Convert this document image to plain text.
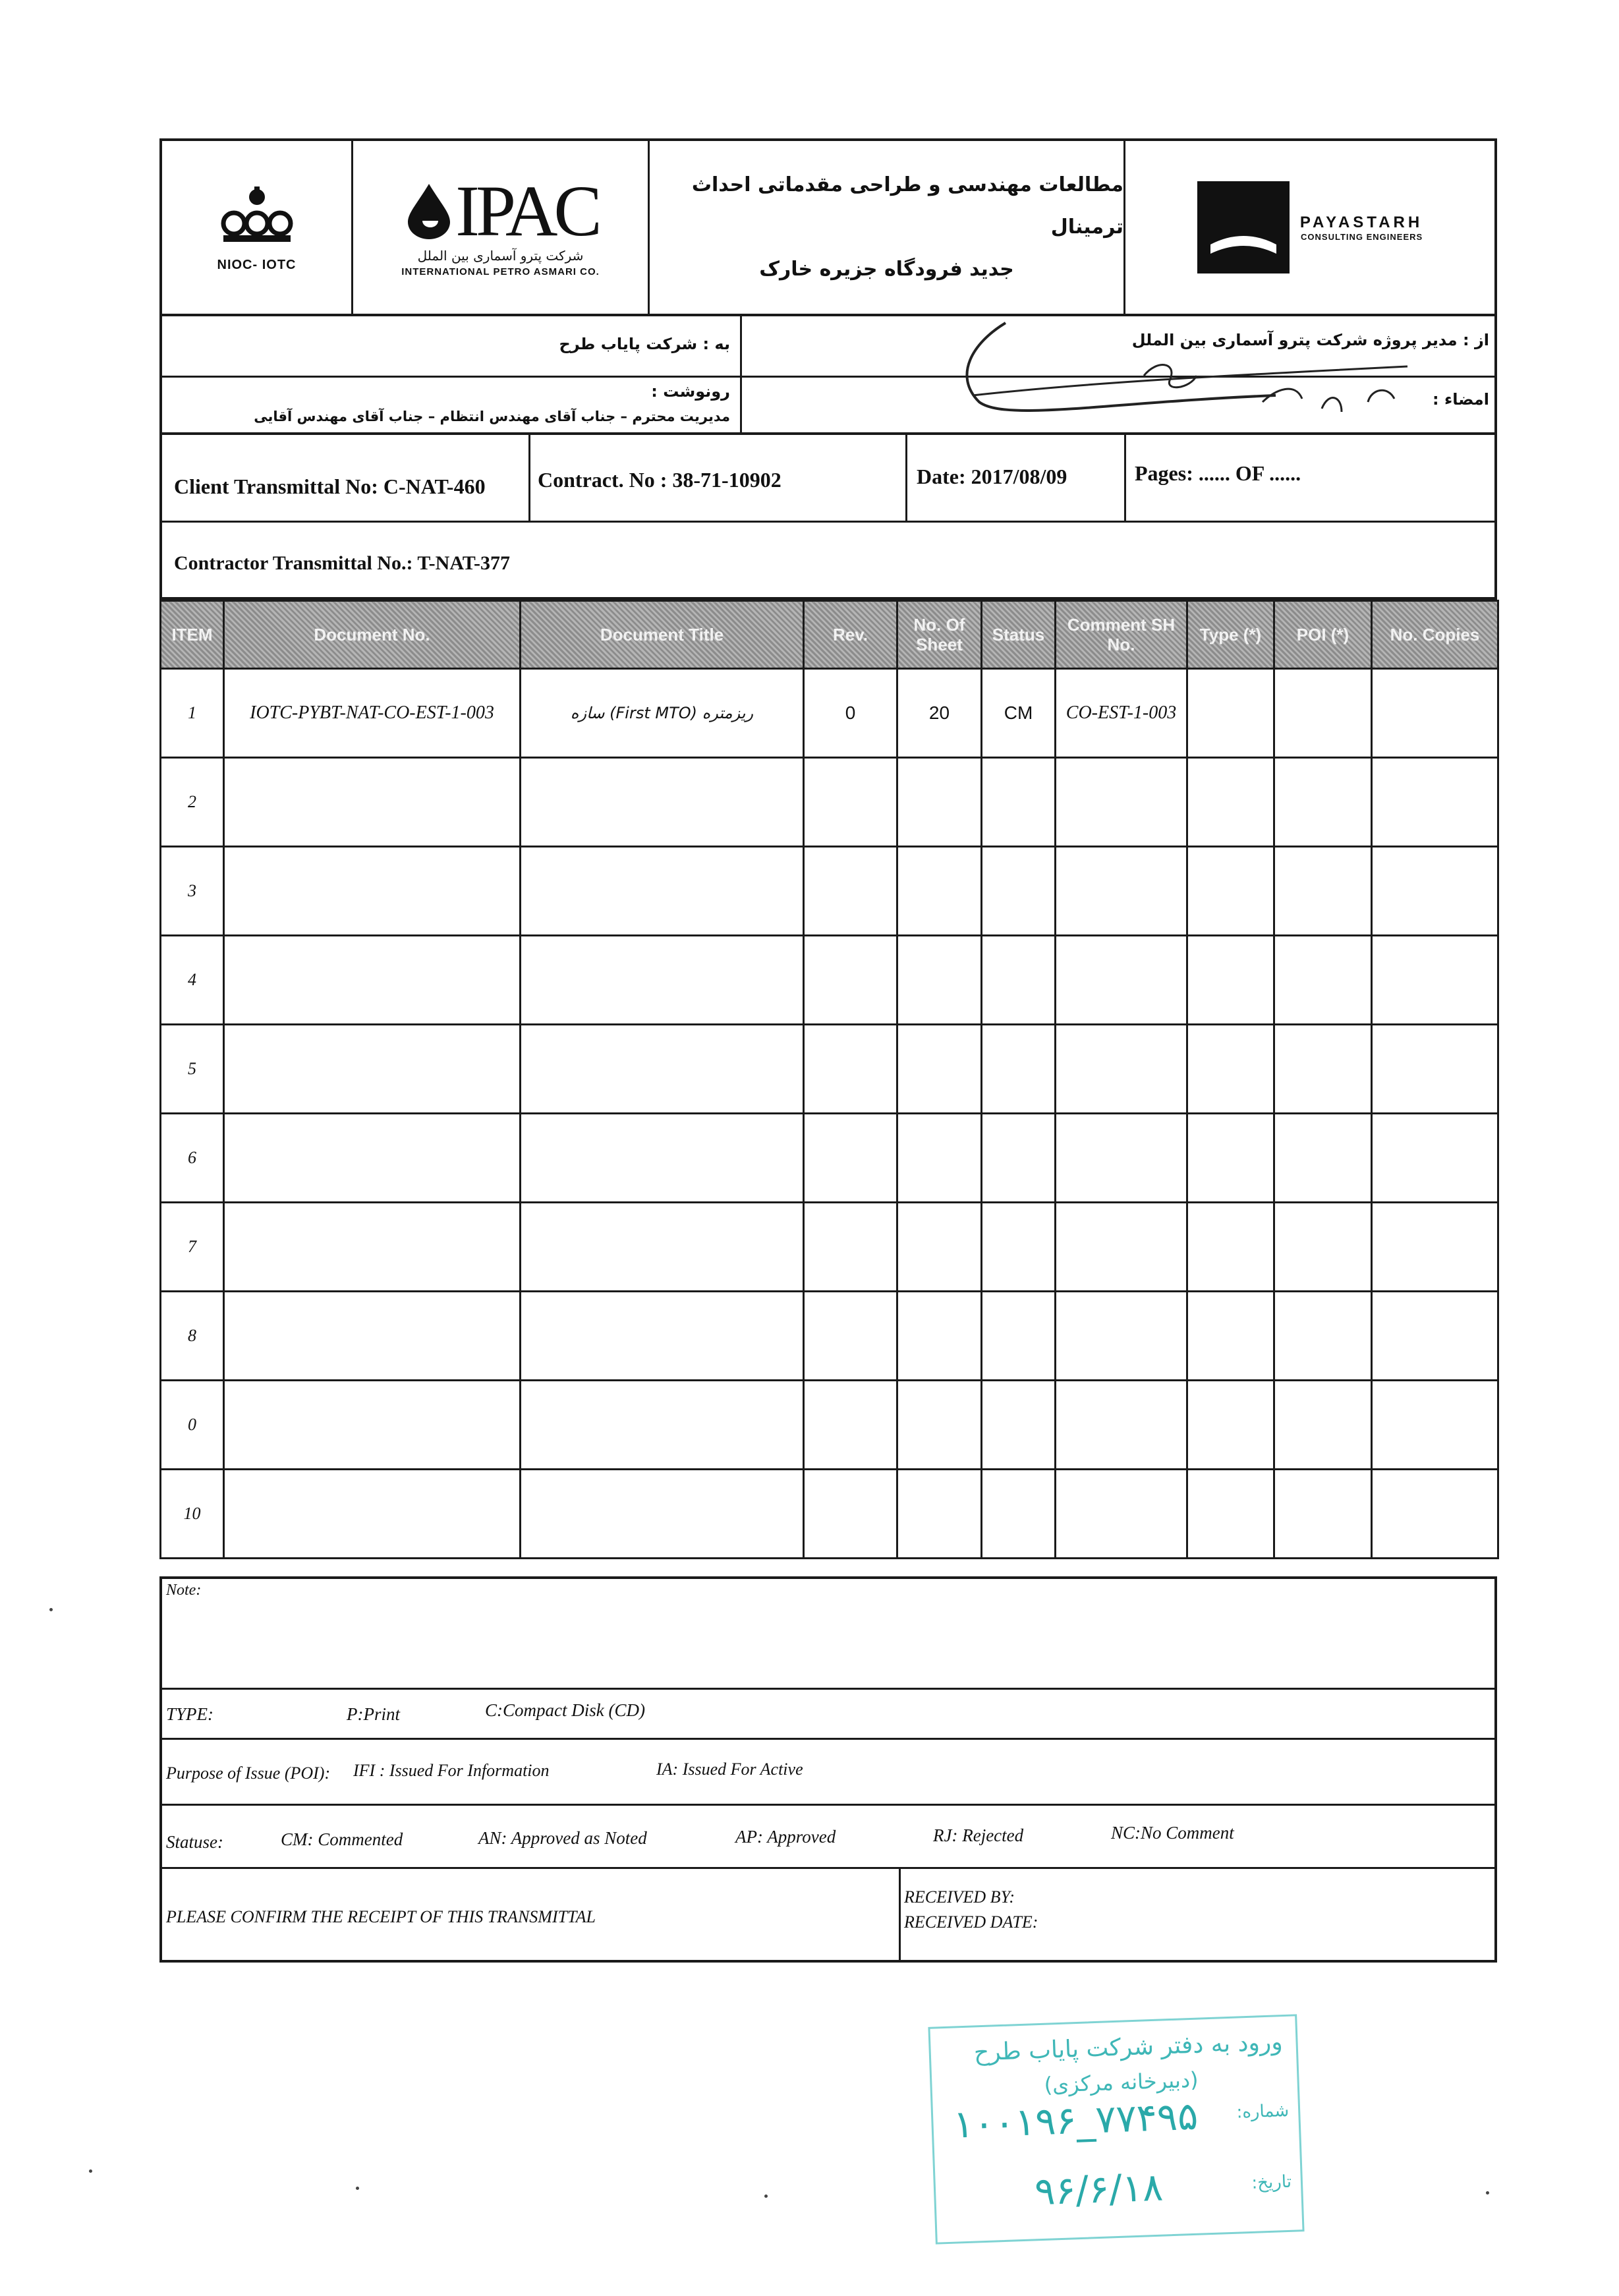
NIOC- IOTC
IPAC
شرکت پترو آسماری بین الملل
INTERNATIONAL PETRO ASMARI CO.
مطالعات مهندسی و طراحی مقدماتی احداث ترمینال
جدید فرودگاه جزیره خارک
PAYASTARH
CONSULTING ENGINEERS
به : شرکت پایاب طرح	از : مدیر پروژه شرکت پترو آسماری بین الملل
رونوشت :
مدیریت محترم – جناب آقای مهندس انتظام – جناب آقای مهندس آقایی
امضاء :
Client Transmittal No: C-NAT-460 Contract. No : 38-71-10902	Date: 2017/08/09	Pages: ...... OF ......
Contractor Transmittal No.: T-NAT-377
ITEM	Document No.	Document Title	Rev.	No. Of Sheet	Status	Comment SH No.	Type (*)	POI (*)	No. Copies
1	IOTC-PYBT-NAT-CO-EST-1-003	ریزمتره (First MTO) سازه	0	20	CM	CO-EST-1-003			
2									
3									
4									
5									
6									
7									
8									
0									
10									
Note:
TYPE:	P:Print	C:Compact Disk (CD)
Purpose of Issue (POI): IFI : Issued For Information	IA: Issued For Active
Statuse:	CM: Commented	AN: Approved as Noted	AP: Approved	RJ: Rejected	NC:No Comment
PLEASE CONFIRM THE RECEIPT OF THIS TRANSMITTAL
RECEIVED BY:
RECEIVED DATE:
ورود به دفتر شرکت پایاب طرح
(دبیرخانه مرکزی)
شماره:
۱۰۰۱۹۶_۷۷۴۹۵
تاریخ:
۹۶/۶/۱۸
